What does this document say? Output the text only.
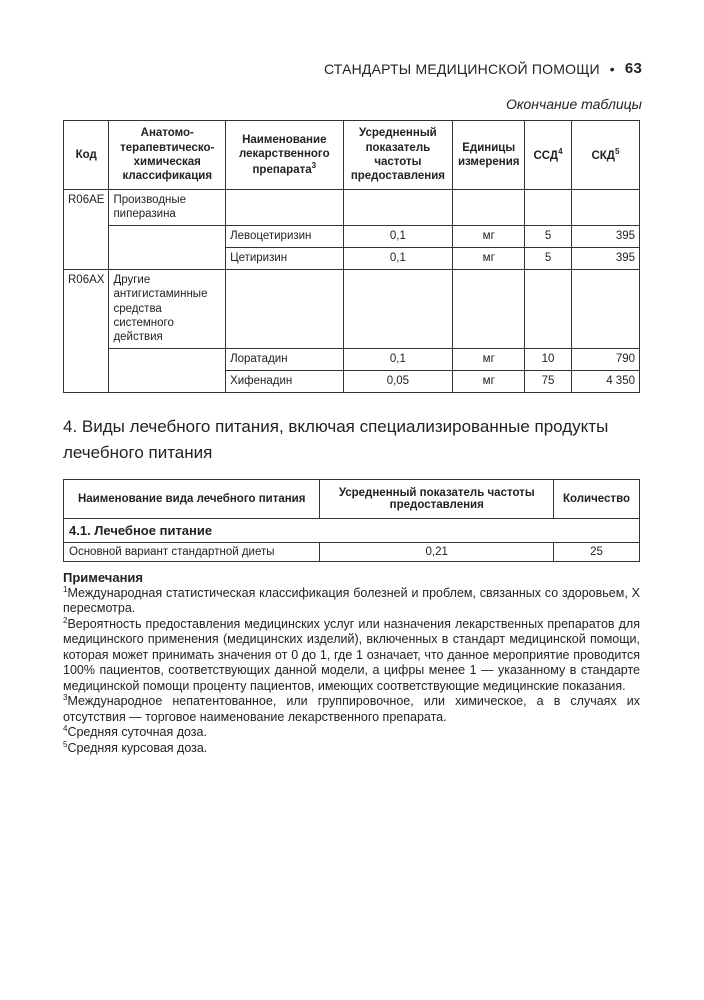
СТАНДАРТЫ МЕДИЦИНСКОЙ ПОМОЩИ • 63
Окончание таблицы
Код	Анатомо-терапевтическо-химическая классификация	Наименование лекарственного препарата$^3$	Усредненный показатель частоты предоставления	Единицы измерения	ССД$^4$	СКД$^5$
R06AE	Производные пиперазина					
		Левоцетиризин	0,1	мг	5	395
		Цетиризин	0,1	мг	5	395
R06AX	Другие антигистаминные средства системного действия					
		Лоратадин	0,1	мг	10	790
		Хифенадин	0,05	мг	75	4 350
4. Виды лечебного питания, включая специализированные продукты лечебного питания
Наименование вида лечебного питания	Усредненный показатель частоты предоставления	Количество
4.1. Лечебное питание		
Основной вариант стандартной диеты	0,21	25
Примечания

$^1$Международная статистическая классификация болезней и проблем, связанных со здоровьем, Х пересмотра.

$^2$Вероятность предоставления медицинских услуг или назначения лекарственных препаратов для медицинского применения (медицинских изделий), включенных в стандарт медицинской помощи, которая может принимать значения от 0 до 1, где 1 означает, что данное мероприятие проводится 100% пациентов, соответствующих данной модели, а цифры менее 1 — указанному в стандарте медицинской помощи проценту пациентов, имеющих соответствующие медицинские показания.

$^3$Международное непатентованное, или группировочное, или химическое, а в случаях их отсутствия — торговое наименование лекарственного препарата.

$^4$Средняя суточная доза.

$^5$Средняя курсовая доза.
